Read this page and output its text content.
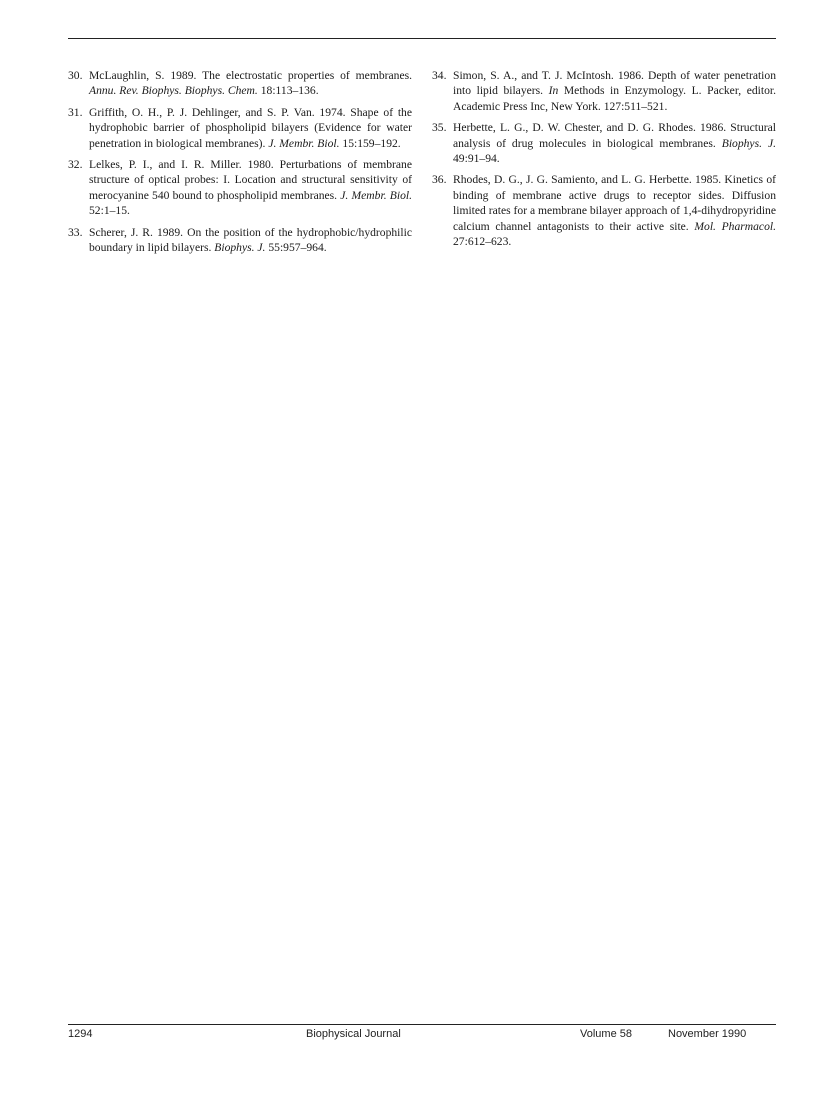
30. McLaughlin, S. 1989. The electrostatic properties of membranes. Annu. Rev. Biophys. Biophys. Chem. 18:113–136.
31. Griffith, O. H., P. J. Dehlinger, and S. P. Van. 1974. Shape of the hydrophobic barrier of phospholipid bilayers (Evidence for water penetration in biological membranes). J. Membr. Biol. 15:159–192.
32. Lelkes, P. I., and I. R. Miller. 1980. Perturbations of membrane structure of optical probes: I. Location and structural sensitivity of merocyanine 540 bound to phospholipid membranes. J. Membr. Biol. 52:1–15.
33. Scherer, J. R. 1989. On the position of the hydrophobic/hydrophilic boundary in lipid bilayers. Biophys. J. 55:957–964.
34. Simon, S. A., and T. J. McIntosh. 1986. Depth of water penetration into lipid bilayers. In Methods in Enzymology. L. Packer, editor. Academic Press Inc, New York. 127:511–521.
35. Herbette, L. G., D. W. Chester, and D. G. Rhodes. 1986. Structural analysis of drug molecules in biological membranes. Biophys. J. 49:91–94.
36. Rhodes, D. G., J. G. Samiento, and L. G. Herbette. 1985. Kinetics of binding of membrane active drugs to receptor sides. Diffusion limited rates for a membrane bilayer approach of 1,4-dihydropyridine calcium channel antagonists to their active site. Mol. Pharmacol. 27:612–623.
1294	Biophysical Journal	Volume 58	November 1990
